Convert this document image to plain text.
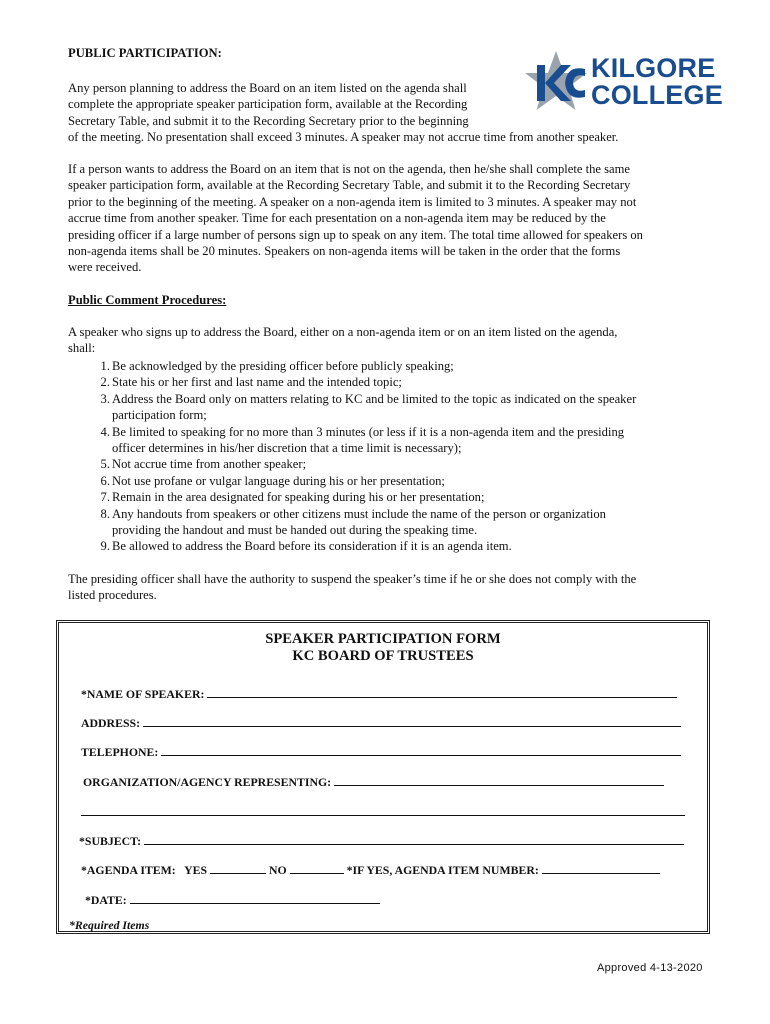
KILGORE
COLLEGE
PUBLIC PARTICIPATION:
Any person planning to address the Board on an item listed on the agenda shall
complete the appropriate speaker participation form, available at the Recording
Secretary Table, and submit it to the Recording Secretary prior to the beginning
of the meeting. No presentation shall exceed 3 minutes. A speaker may not accrue time from another speaker.
If a person wants to address the Board on an item that is not on the agenda, then he/she shall complete the same
speaker participation form, available at the Recording Secretary Table, and submit it to the Recording Secretary
prior to the beginning of the meeting. A speaker on a non-agenda item is limited to 3 minutes. A speaker may not
accrue time from another speaker. Time for each presentation on a non-agenda item may be reduced by the
presiding officer if a large number of persons sign up to speak on any item. The total time allowed for speakers on
non-agenda items shall be 20 minutes. Speakers on non-agenda items will be taken in the order that the forms
were received.
Public Comment Procedures:
A speaker who signs up to address the Board, either on a non-agenda item or on an item listed on the agenda,
shall:
1. Be acknowledged by the presiding officer before publicly speaking;
2. State his or her first and last name and the intended topic;
3. Address the Board only on matters relating to KC and be limited to the topic as indicated on the speaker
participation form;
4. Be limited to speaking for no more than 3 minutes (or less if it is a non-agenda item and the presiding
officer determines in his/her discretion that a time limit is necessary);
5. Not accrue time from another speaker;
6. Not use profane or vulgar language during his or her presentation;
7. Remain in the area designated for speaking during his or her presentation;
8. Any handouts from speakers or other citizens must include the name of the person or organization
providing the handout and must be handed out during the speaking time.
9. Be allowed to address the Board before its consideration if it is an agenda item.
The presiding officer shall have the authority to suspend the speaker’s time if he or she does not comply with the
listed procedures.
SPEAKER PARTICIPATION FORM
KC BOARD OF TRUSTEES
*NAME OF SPEAKER:
ADDRESS:
TELEPHONE:
ORGANIZATION/AGENCY REPRESENTING:
*SUBJECT:
*AGENDA ITEM: YES	NO	*IF YES, AGENDA ITEM NUMBER:
*DATE:
*Required Items
Approved 4-13-2020
